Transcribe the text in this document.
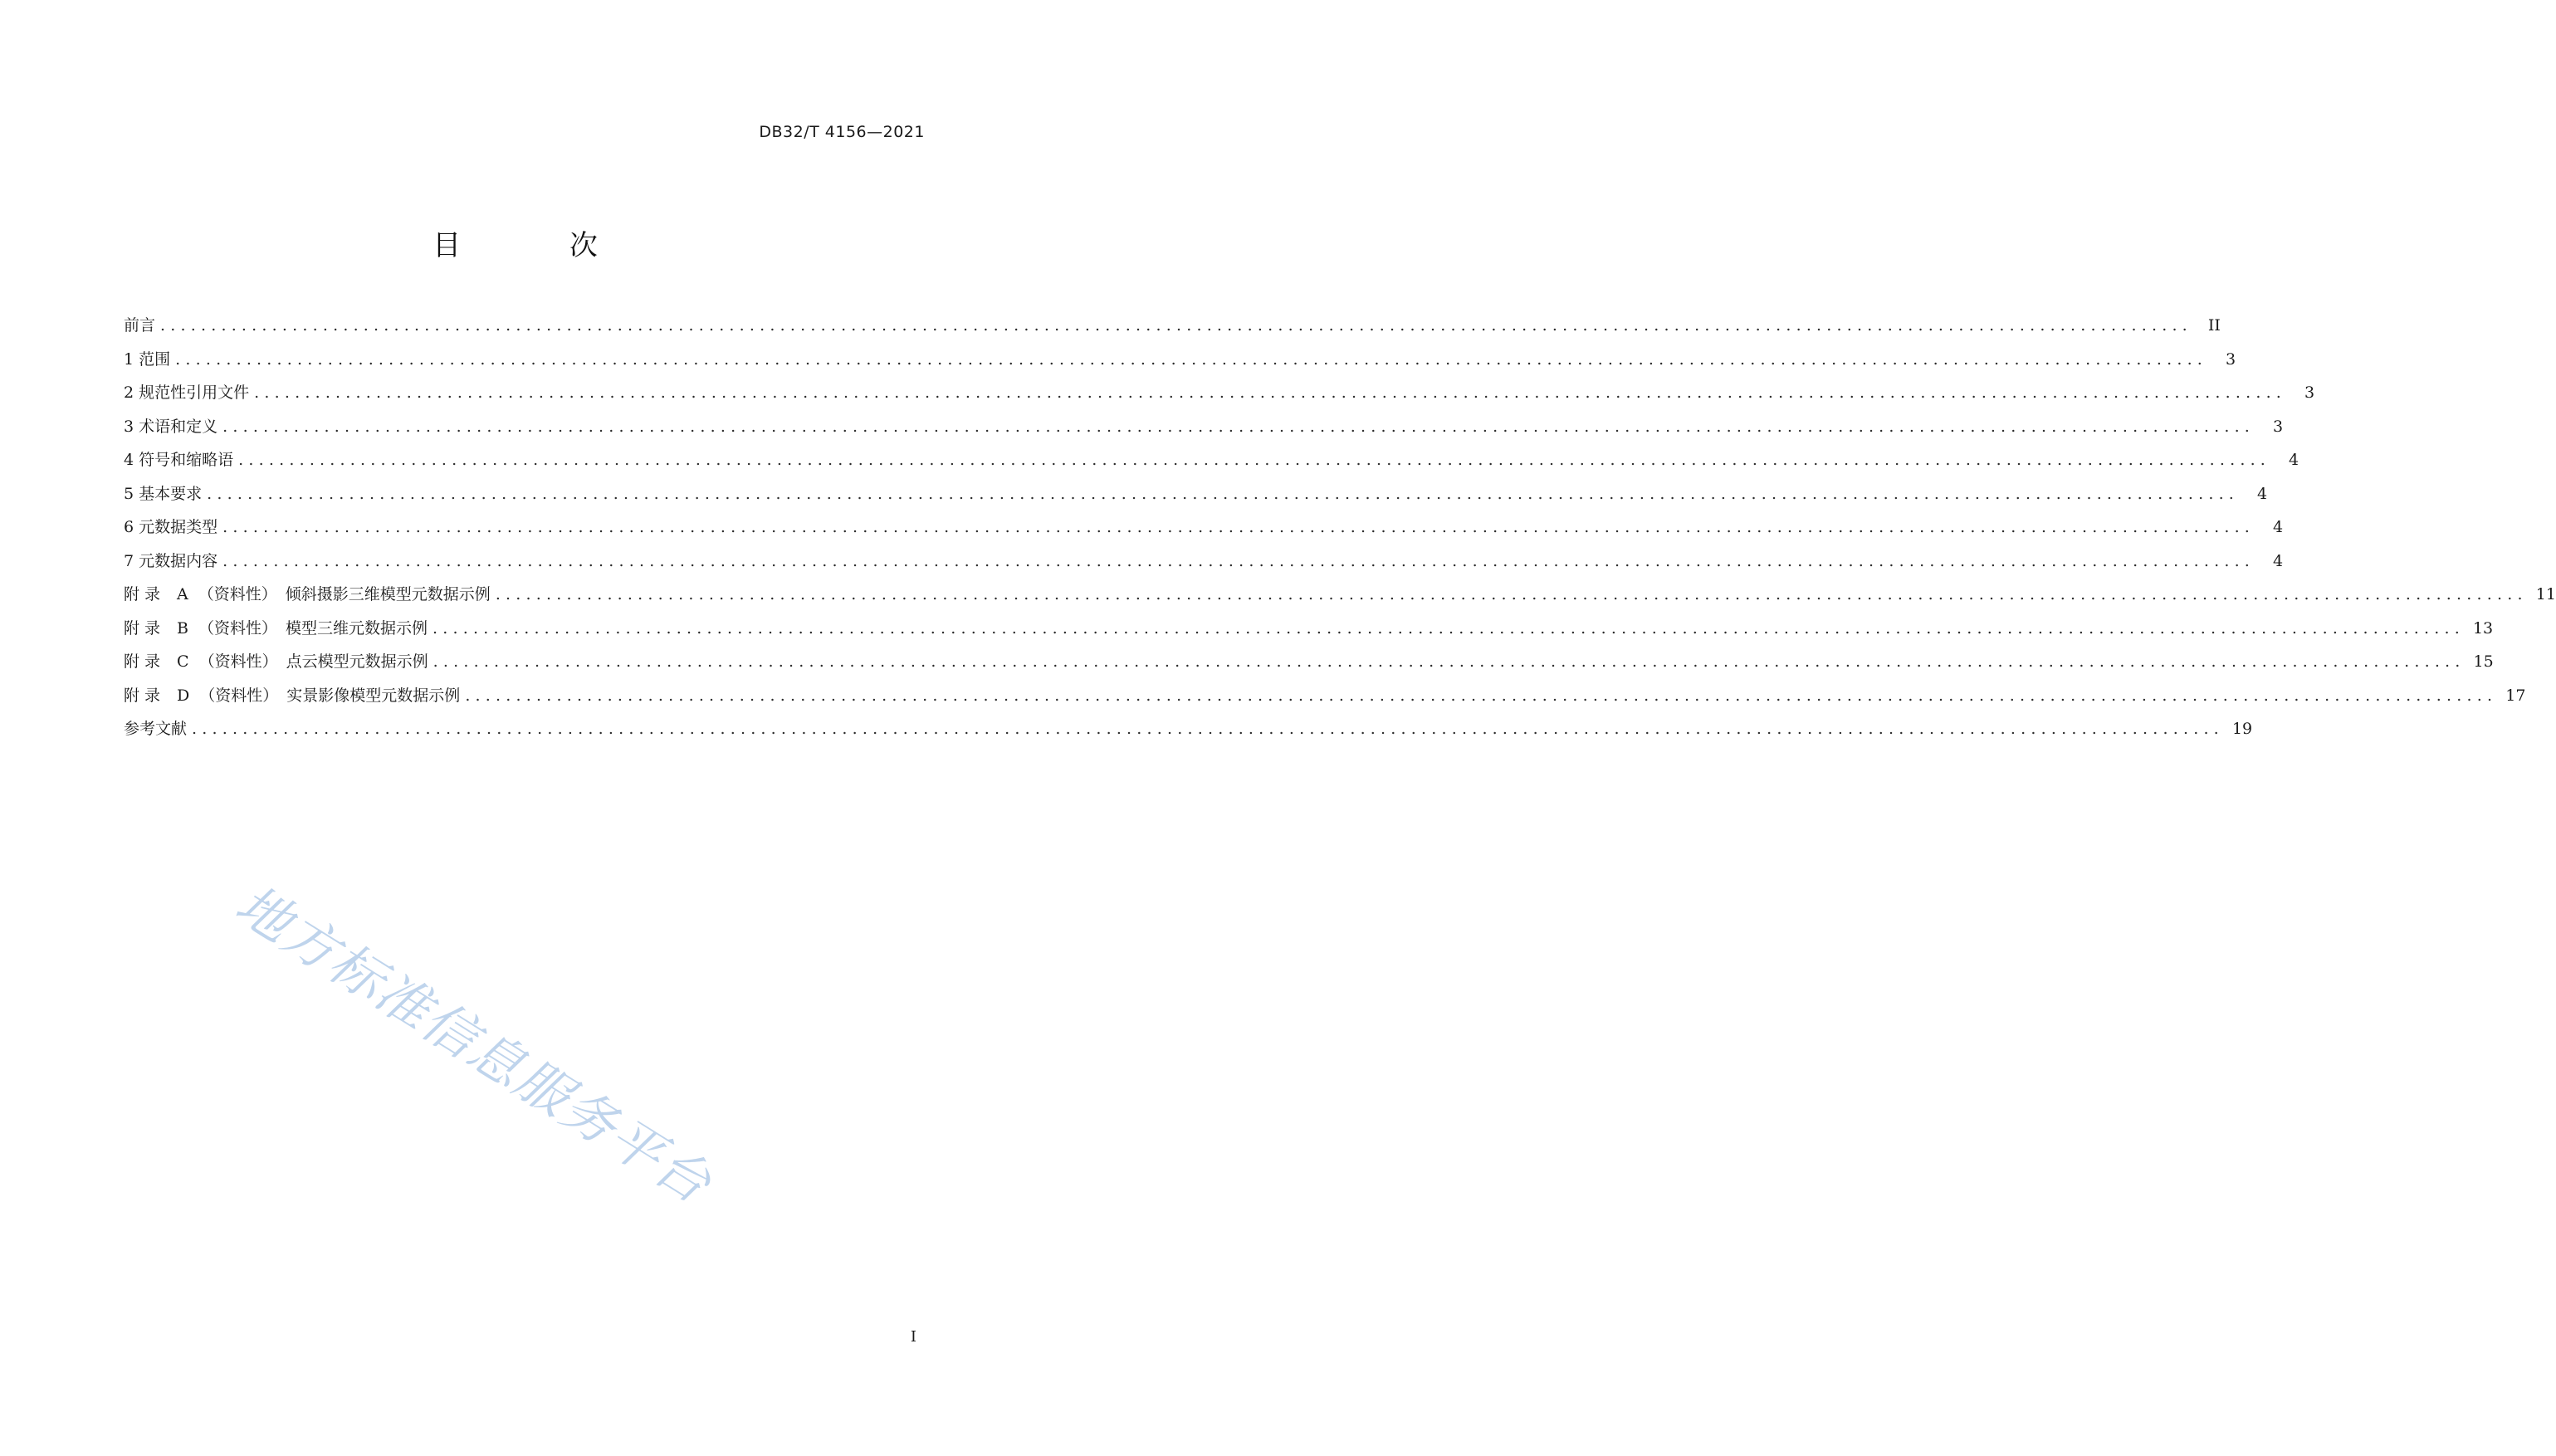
DB32/T 4156—2021
目 次
前言 ........................................................................................................................................................................................................ II
1 范围 ........................................................................................................................................................................................................	3
2 规范性引用文件 ........................................................................................................................................................................................................	3
3 术语和定义 ........................................................................................................................................................................................................	3
4 符号和缩略语 ........................................................................................................................................................................................................	4
5 基本要求 ........................................................................................................................................................................................................	4
6 元数据类型 ........................................................................................................................................................................................................	4
7 元数据内容 ........................................................................................................................................................................................................	4
附 录 A （资料性） 倾斜摄影三维模型元数据示例 ........................................................................................................................................................................................................ 11
附 录 B （资料性） 模型三维元数据示例 ........................................................................................................................................................................................................ 13
附 录 C （资料性） 点云模型元数据示例 ........................................................................................................................................................................................................ 15
附 录 D （资料性） 实景影像模型元数据示例 ........................................................................................................................................................................................................ 17
参考文献 ........................................................................................................................................................................................................ 19
地方标准信息服务平台
I
